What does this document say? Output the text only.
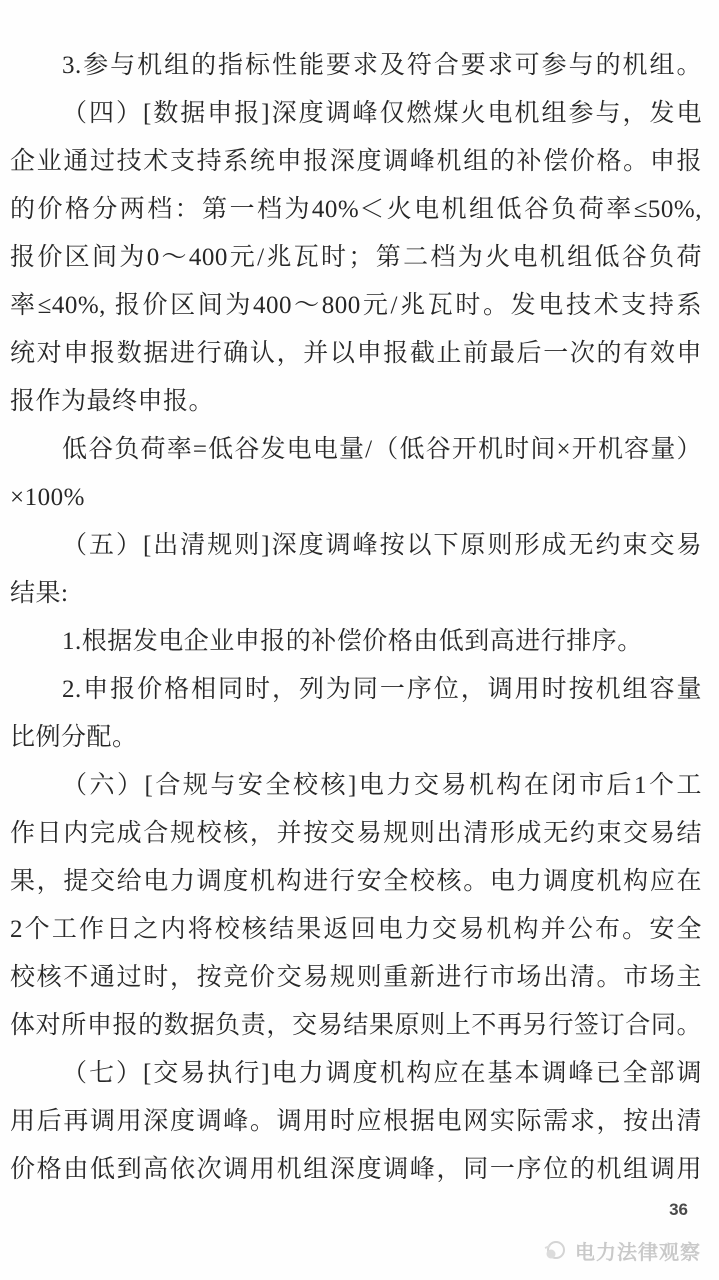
3.参与机组的指标性能要求及符合要求可参与的机组。
（四）[数据申报]深度调峰仅燃煤火电机组参与，发电
企业通过技术支持系统申报深度调峰机组的补偿价格。申报
的价格分两档：第一档为40%＜火电机组低谷负荷率≤50%,
报价区间为0～400元/兆瓦时；第二档为火电机组低谷负荷
率≤40%, 报价区间为400～800元/兆瓦时。发电技术支持系
统对申报数据进行确认，并以申报截止前最后一次的有效申
报作为最终申报。
低谷负荷率=低谷发电电量/（低谷开机时间×开机容量）
×100%
（五）[出清规则]深度调峰按以下原则形成无约束交易
结果:
1.根据发电企业申报的补偿价格由低到高进行排序。
2.申报价格相同时，列为同一序位，调用时按机组容量
比例分配。
（六）[合规与安全校核]电力交易机构在闭市后1个工
作日内完成合规校核，并按交易规则出清形成无约束交易结
果，提交给电力调度机构进行安全校核。电力调度机构应在
2个工作日之内将校核结果返回电力交易机构并公布。安全
校核不通过时，按竞价交易规则重新进行市场出清。市场主
体对所申报的数据负责，交易结果原则上不再另行签订合同。
（七）[交易执行]电力调度机构应在基本调峰已全部调
用后再调用深度调峰。调用时应根据电网实际需求，按出清
价格由低到高依次调用机组深度调峰，同一序位的机组调用
36
电力法律观察
